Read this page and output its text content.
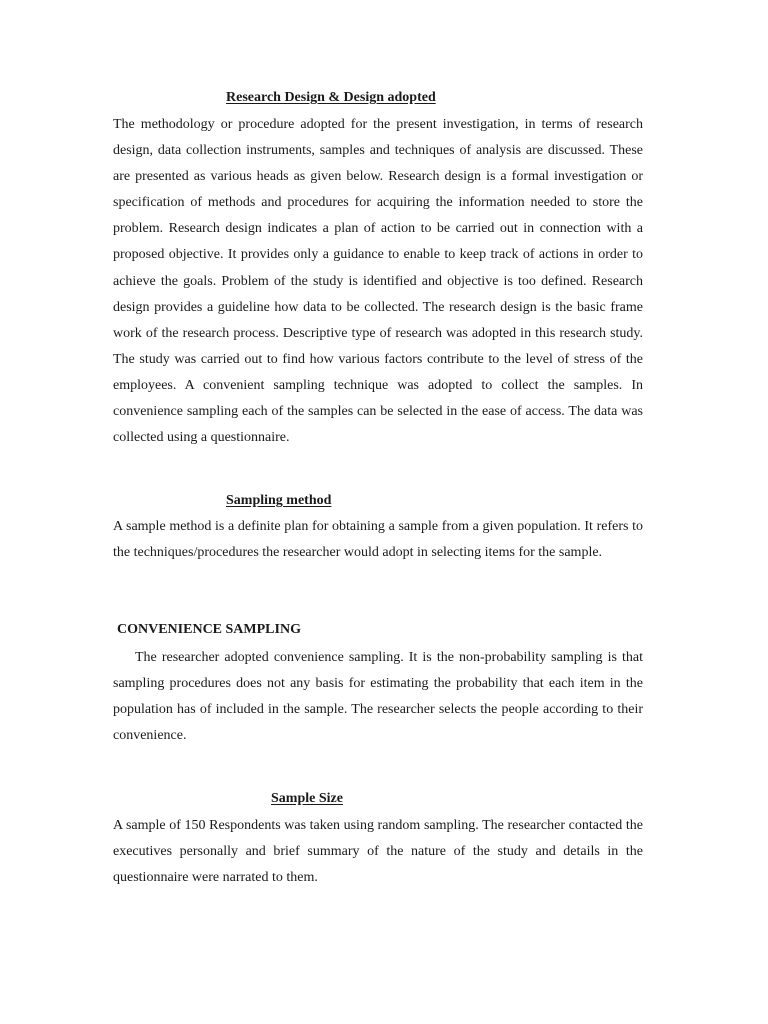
Research Design & Design adopted

The methodology or procedure adopted for the present investigation, in terms of research design, data collection instruments, samples and techniques of analysis are discussed. These are presented as various heads as given below. Research design is a formal investigation or specification of methods and procedures for acquiring the information needed to store the problem. Research design indicates a plan of action to be carried out in connection with a proposed objective. It provides only a guidance to enable to keep track of actions in order to achieve the goals. Problem of the study is identified and objective is too defined. Research design provides a guideline how data to be collected. The research design is the basic frame work of the research process. Descriptive type of research was adopted in this research study. The study was carried out to find how various factors contribute to the level of stress of the employees. A convenient sampling technique was adopted to collect the samples. In convenience sampling each of the samples can be selected in the ease of access. The data was collected using a questionnaire.

Sampling method

A sample method is a definite plan for obtaining a sample from a given population. It refers to the techniques/procedures the researcher would adopt in selecting items for the sample.

CONVENIENCE SAMPLING

The researcher adopted convenience sampling. It is the non-probability sampling is that sampling procedures does not any basis for estimating the probability that each item in the population has of included in the sample. The researcher selects the people according to their convenience.

Sample Size

A sample of 150 Respondents was taken using random sampling. The researcher contacted the executives personally and brief summary of the nature of the study and details in the questionnaire were narrated to them.
